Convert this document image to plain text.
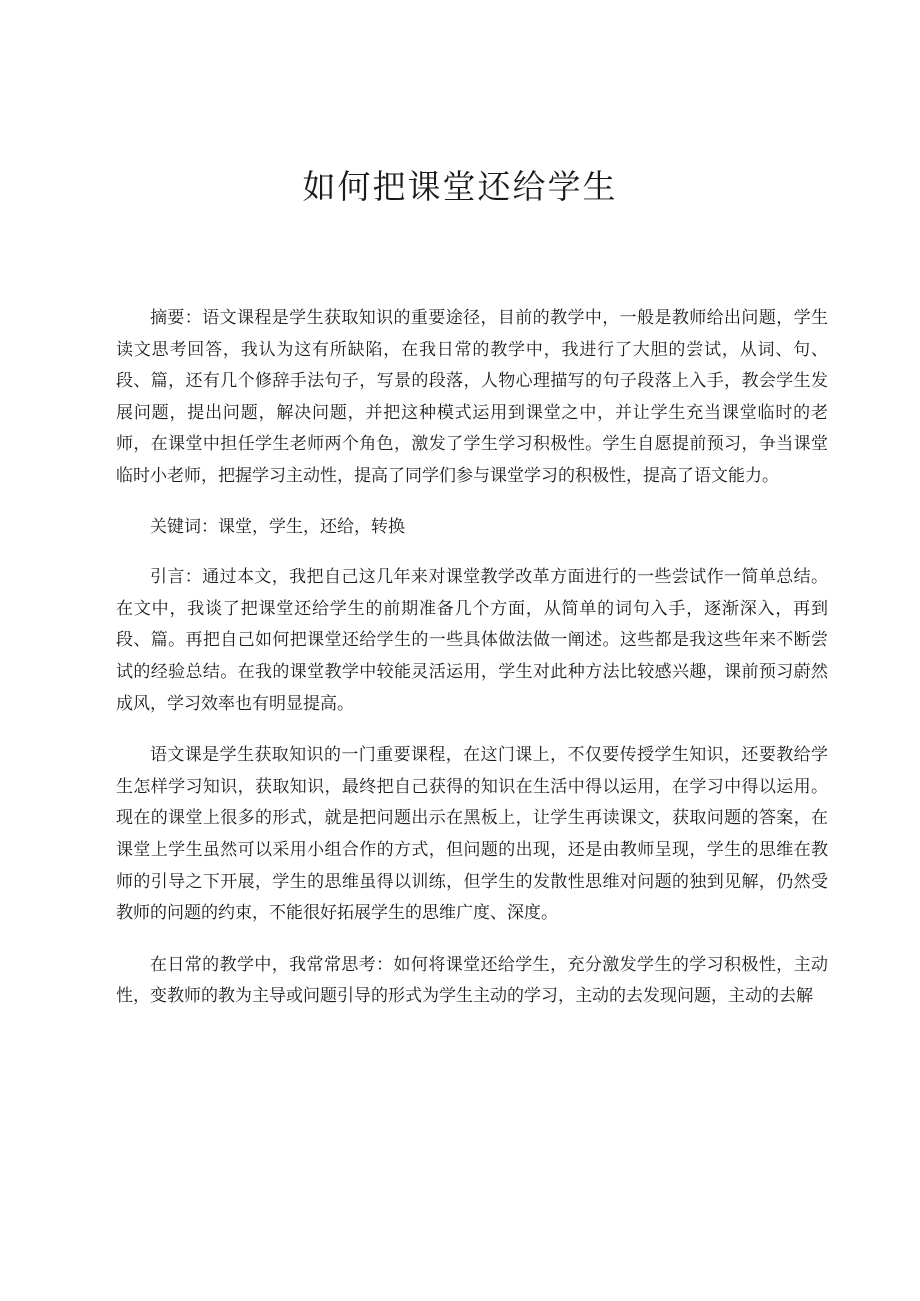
如何把课堂还给学生

摘要：语文课程是学生获取知识的重要途径，目前的教学中，一般是教师给出问题，学生读文思考回答，我认为这有所缺陷，在我日常的教学中，我进行了大胆的尝试，从词、句、段、篇，还有几个修辞手法句子，写景的段落，人物心理描写的句子段落上入手，教会学生发展问题，提出问题，解决问题，并把这种模式运用到课堂之中，并让学生充当课堂临时的老师，在课堂中担任学生老师两个角色，激发了学生学习积极性。学生自愿提前预习，争当课堂临时小老师，把握学习主动性，提高了同学们参与课堂学习的积极性，提高了语文能力。

关键词：课堂，学生，还给，转换

引言：通过本文，我把自己这几年来对课堂教学改革方面进行的一些尝试作一简单总结。在文中，我谈了把课堂还给学生的前期准备几个方面，从简单的词句入手，逐渐深入，再到段、篇。再把自己如何把课堂还给学生的一些具体做法做一阐述。这些都是我这些年来不断尝试的经验总结。在我的课堂教学中较能灵活运用，学生对此种方法比较感兴趣，课前预习蔚然成风，学习效率也有明显提高。

语文课是学生获取知识的一门重要课程，在这门课上，不仅要传授学生知识，还要教给学生怎样学习知识，获取知识，最终把自己获得的知识在生活中得以运用，在学习中得以运用。现在的课堂上很多的形式，就是把问题出示在黑板上，让学生再读课文，获取问题的答案，在课堂上学生虽然可以采用小组合作的方式，但问题的出现，还是由教师呈现，学生的思维在教师的引导之下开展，学生的思维虽得以训练，但学生的发散性思维对问题的独到见解，仍然受教师的问题的约束，不能很好拓展学生的思维广度、深度。

在日常的教学中，我常常思考：如何将课堂还给学生，充分激发学生的学习积极性，主动性，变教师的教为主导或问题引导的形式为学生主动的学习，主动的去发现问题，主动的去解
